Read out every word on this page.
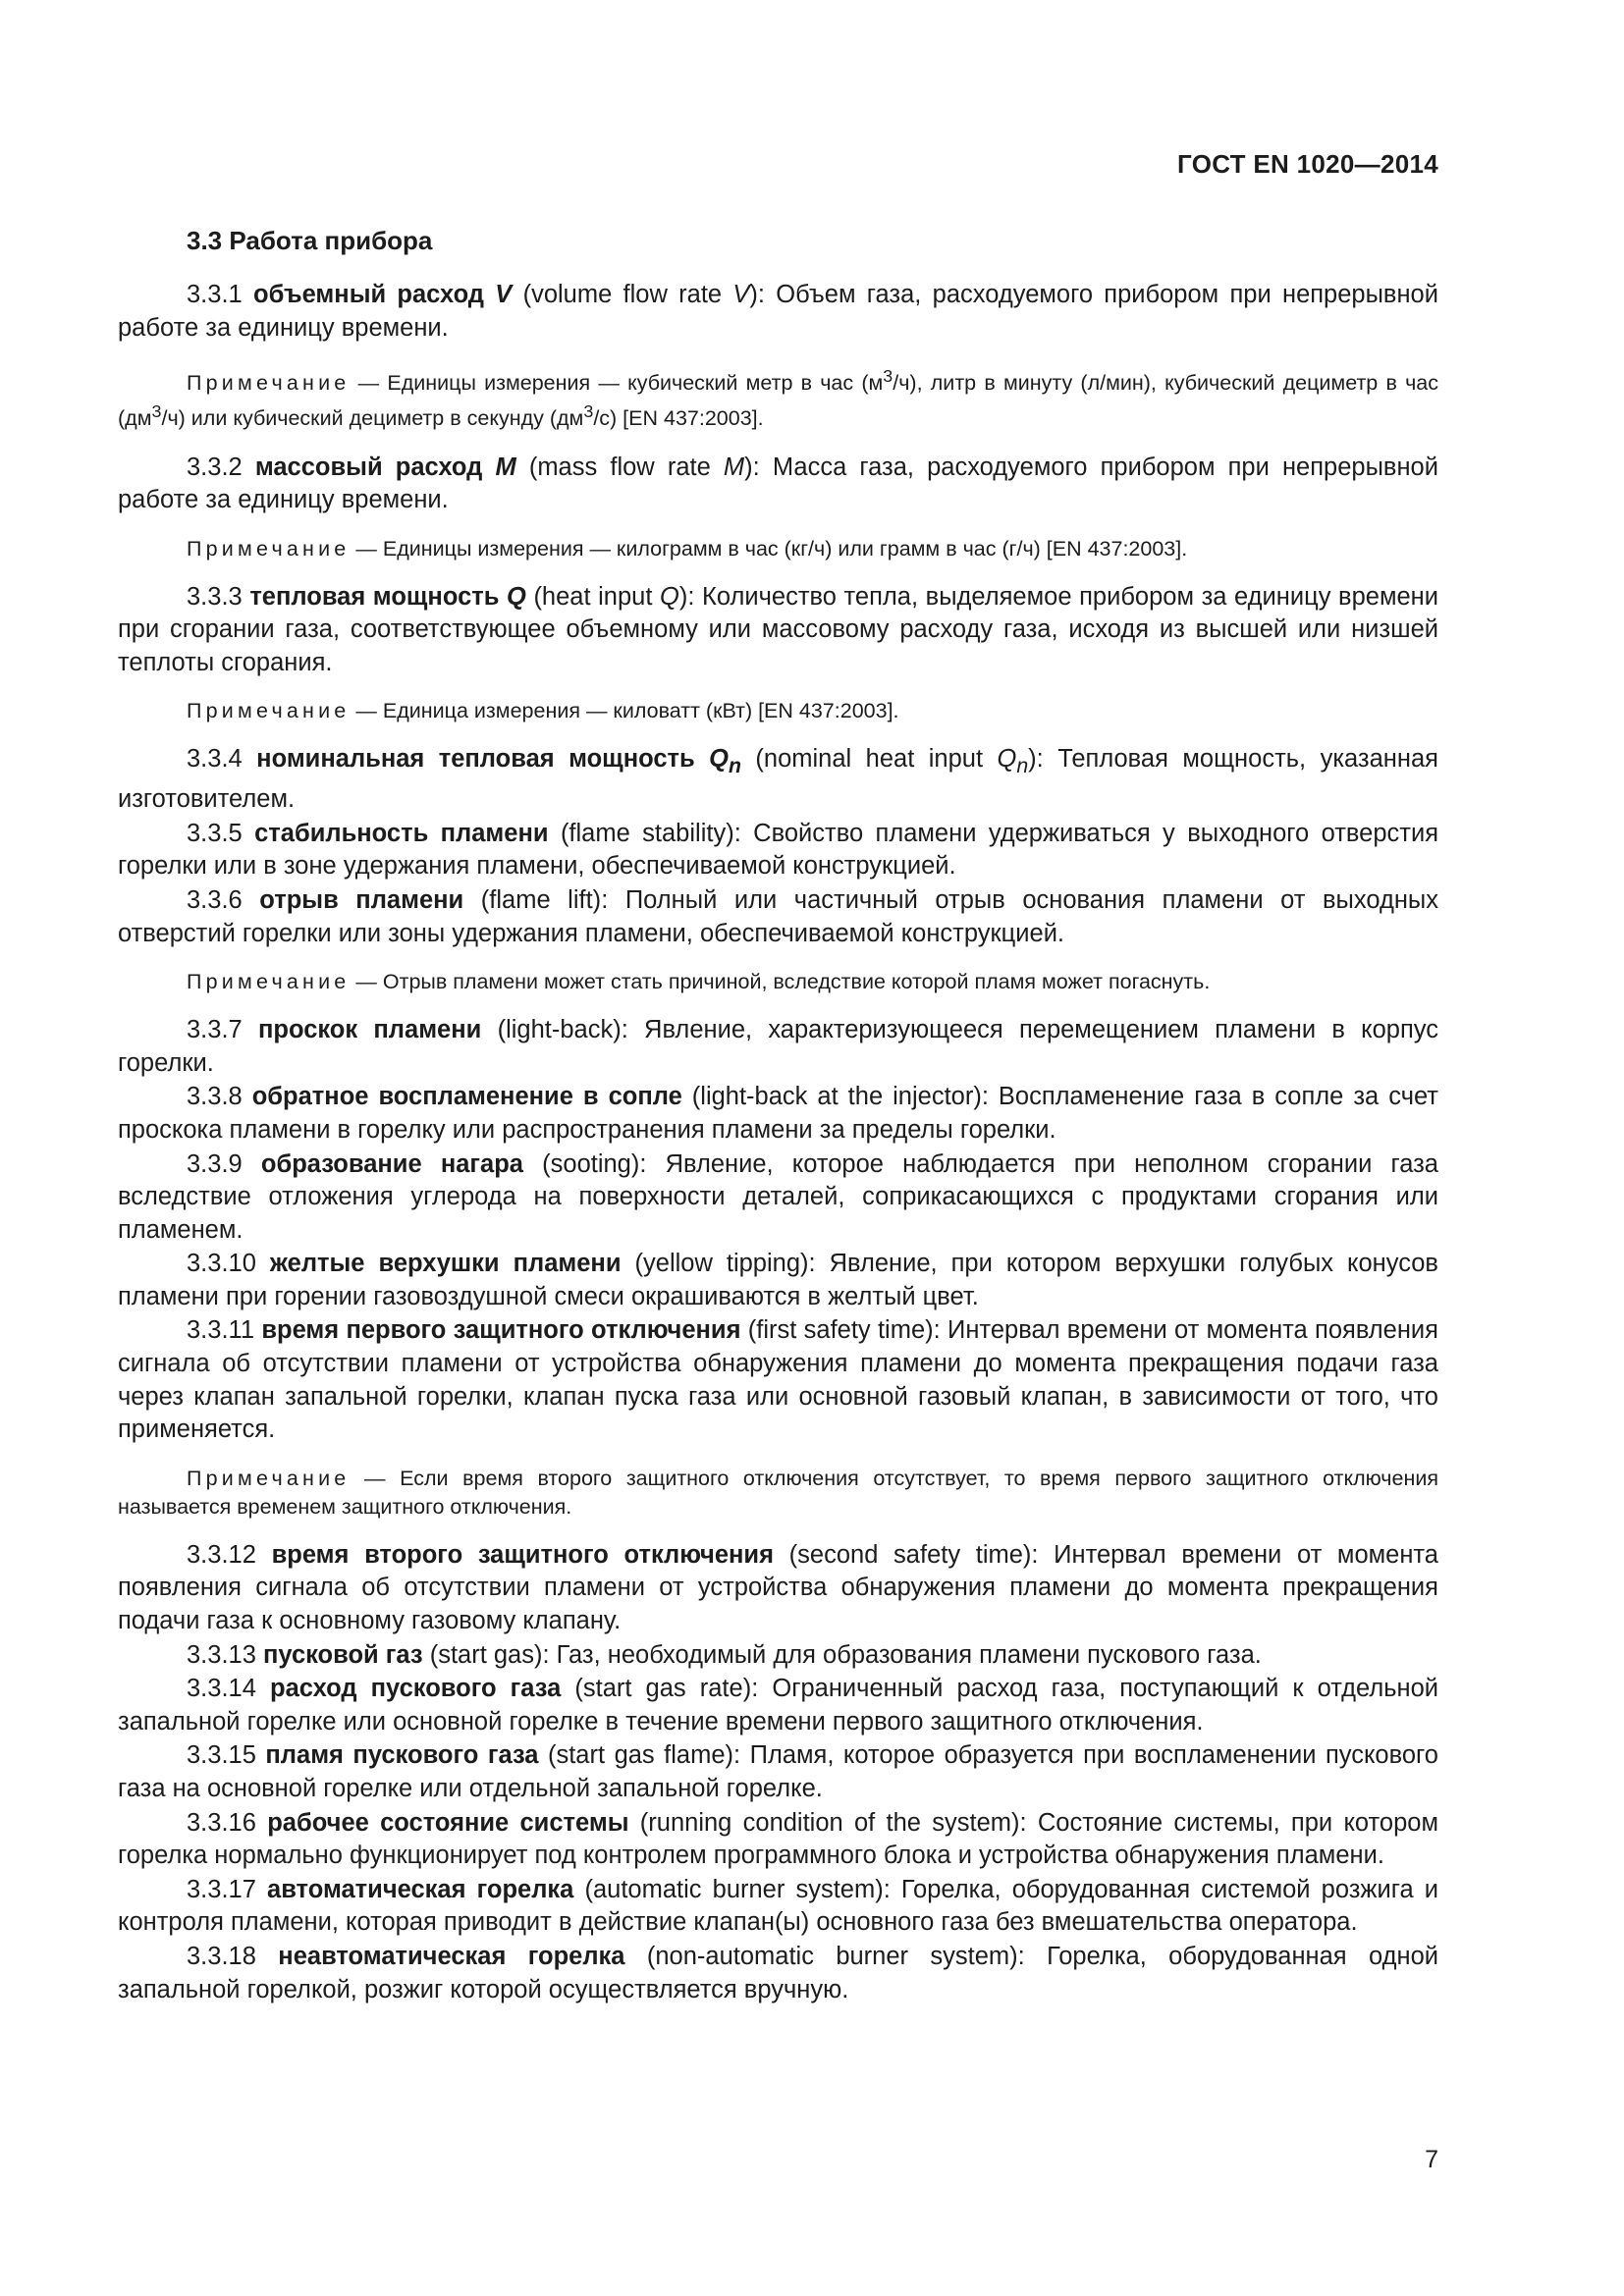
ГОСТ EN 1020—2014
3.3 Работа прибора

3.3.1 объемный расход V (volume flow rate V): Объем газа, расходуемого прибором при непрерывной работе за единицу времени.

Примечание — Единицы измерения — кубический метр в час $(м^3/ч)$, литр в минуту (л/мин), кубический дециметр в час $(дм^3/ч)$ или кубический дециметр в секунду $(дм^3/с)$ [EN 437:2003].

3.3.2 массовый расход M (mass flow rate M): Масса газа, расходуемого прибором при непрерывной работе за единицу времени.

Примечание — Единицы измерения — килограмм в час (кг/ч) или грамм в час (г/ч) [EN 437:2003].

3.3.3 тепловая мощность Q (heat input Q): Количество тепла, выделяемое прибором за единицу времени при сгорании газа, соответствующее объемному или массовому расходу газа, исходя из высшей или низшей теплоты сгорания.

Примечание — Единица измерения — киловатт (кВт) [EN 437:2003].

3.3.4 номинальная тепловая мощность $Q_n$ (nominal heat input $Q_n$): Тепловая мощность, указанная изготовителем.

3.3.5 стабильность пламени (flame stability): Свойство пламени удерживаться у выходного отверстия горелки или в зоне удержания пламени, обеспечиваемой конструкцией.

3.3.6 отрыв пламени (flame lift): Полный или частичный отрыв основания пламени от выходных отверстий горелки или зоны удержания пламени, обеспечиваемой конструкцией.

Примечание — Отрыв пламени может стать причиной, вследствие которой пламя может погаснуть.

3.3.7 проскок пламени (light-back): Явление, характеризующееся перемещением пламени в корпус горелки.

3.3.8 обратное воспламенение в сопле (light-back at the injector): Воспламенение газа в сопле за счет проскока пламени в горелку или распространения пламени за пределы горелки.

3.3.9 образование нагара (sooting): Явление, которое наблюдается при неполном сгорании газа вследствие отложения углерода на поверхности деталей, соприкасающихся с продуктами сгорания или пламенем.

3.3.10 желтые верхушки пламени (yellow tipping): Явление, при котором верхушки голубых конусов пламени при горении газовоздушной смеси окрашиваются в желтый цвет.

3.3.11 время первого защитного отключения (first safety time): Интервал времени от момента появления сигнала об отсутствии пламени от устройства обнаружения пламени до момента прекращения подачи газа через клапан запальной горелки, клапан пуска газа или основной газовый клапан, в зависимости от того, что применяется.

Примечание — Если время второго защитного отключения отсутствует, то время первого защитного отключения называется временем защитного отключения.

3.3.12 время второго защитного отключения (second safety time): Интервал времени от момента появления сигнала об отсутствии пламени от устройства обнаружения пламени до момента прекращения подачи газа к основному газовому клапану.

3.3.13 пусковой газ (start gas): Газ, необходимый для образования пламени пускового газа.

3.3.14 расход пускового газа (start gas rate): Ограниченный расход газа, поступающий к отдельной запальной горелке или основной горелке в течение времени первого защитного отключения.

3.3.15 пламя пускового газа (start gas flame): Пламя, которое образуется при воспламенении пускового газа на основной горелке или отдельной запальной горелке.

3.3.16 рабочее состояние системы (running condition of the system): Состояние системы, при котором горелка нормально функционирует под контролем программного блока и устройства обнаружения пламени.

3.3.17 автоматическая горелка (automatic burner system): Горелка, оборудованная системой розжига и контроля пламени, которая приводит в действие клапан(ы) основного газа без вмешательства оператора.

3.3.18 неавтоматическая горелка (non-automatic burner system): Горелка, оборудованная одной запальной горелкой, розжиг которой осуществляется вручную.

7
